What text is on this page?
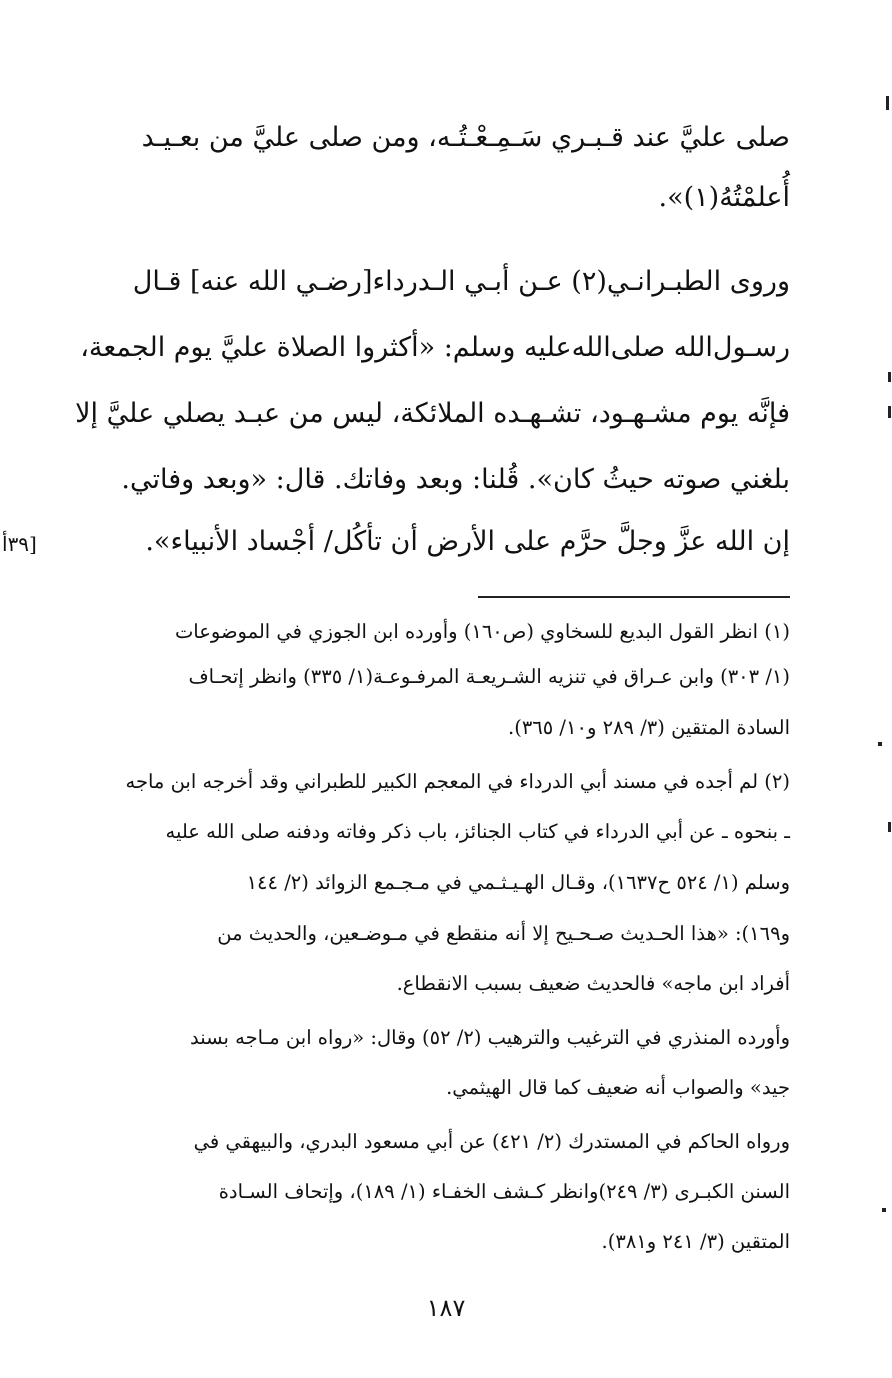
صلى عليَّ عند قـبـري سَـمِـعْـتُـه، ومن صلى عليَّ من بعـيـد
أُعلمْتُهُ(١)».
وروى الطبـرانـي(٢) عـن أبـي الـدرداء[رضـي الله عنه] قـال
رسـول‌الله صلى‌الله‌عليه وسلم: «أكثروا الصلاة عليَّ يوم الجمعة،
فإنَّه يوم مشـهـود، تشـهـده الملائكة، ليس من عبـد يصلي عليَّ إلا
بلغني صوته حيثُ كان». قُلنا: وبعد وفاتك. قال: «وبعد وفاتي.
إن الله عزَّ وجلَّ حرَّم على الأرض أن تأكُل/ أجْساد الأنبياء».
[٣٩أ
(١) انظر القول البديع للسخاوي (ص١٦٠) وأورده ابن الجوزي في الموضوعات
(١/ ٣٠٣) وابن عـراق في تنزيه الشـريعـة المرفـوعـة(١/ ٣٣٥) وانظر إتحـاف
السادة المتقين (٣/ ٢٨٩ و١٠/ ٣٦٥).
(٢) لم أجده في مسند أبي الدرداء في المعجم الكبير للطبراني وقد أخرجه ابن ماجه
ـ بنحوه ـ عن أبي الدرداء في كتاب الجنائز، باب ذكر وفاته ودفنه صلى الله عليه
وسلم (١/ ٥٢٤ ح١٦٣٧)، وقـال الهـيـثـمي في مـجـمع الزوائد (٢/ ١٤٤
و١٦٩): «هذا الحـديث صـحـيح إلا أنه منقطع في مـوضـعين، والحديث من
أفراد ابن ماجه» فالحديث ضعيف بسبب الانقطاع.
وأورده المنذري في الترغيب والترهيب (٢/ ٥٢) وقال: «رواه ابن مـاجه بسند
جيد» والصواب أنه ضعيف كما قال الهيثمي.
ورواه الحاكم في المستدرك (٢/ ٤٢١) عن أبي مسعود البدري، والبيهقي في
السنن الكبـرى (٣/ ٢٤٩)وانظر كـشف الخفـاء (١/ ١٨٩)، وإتحاف السـادة
المتقين (٣/ ٢٤١ و٣٨١).
١٨٧
